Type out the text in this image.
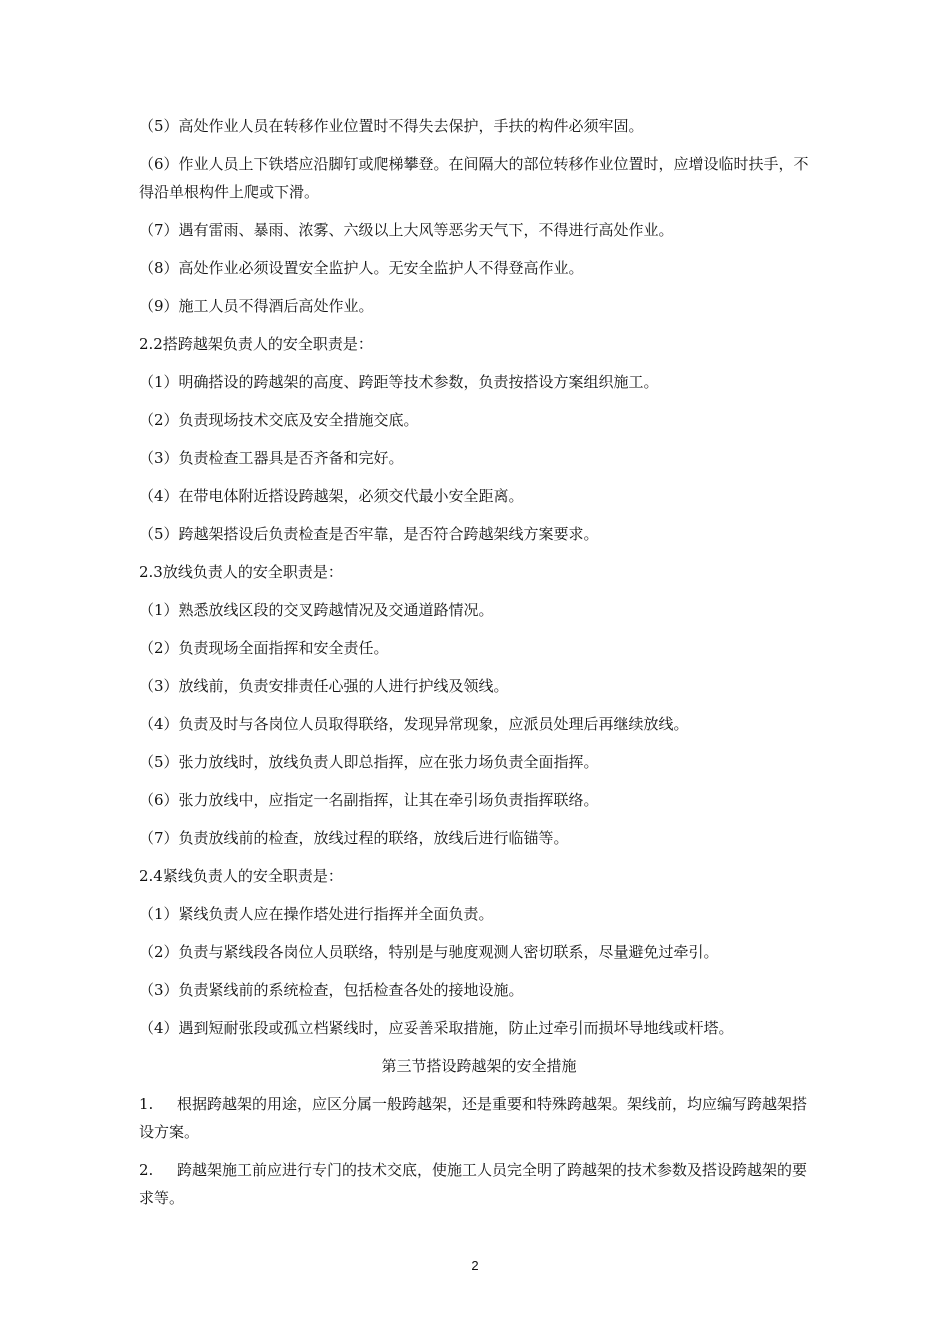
（5）高处作业人员在转移作业位置时不得失去保护，手扶的构件必须牢固。

（6）作业人员上下铁塔应沿脚钉或爬梯攀登。在间隔大的部位转移作业位置时，应增设临时扶手，不得沿单根构件上爬或下滑。

（7）遇有雷雨、暴雨、浓雾、六级以上大风等恶劣天气下，不得进行高处作业。

（8）高处作业必须设置安全监护人。无安全监护人不得登高作业。

（9）施工人员不得酒后高处作业。

2.2搭跨越架负责人的安全职责是：

（1）明确搭设的跨越架的高度、跨距等技术参数，负责按搭设方案组织施工。

（2）负责现场技术交底及安全措施交底。

（3）负责检查工器具是否齐备和完好。

（4）在带电体附近搭设跨越架，必须交代最小安全距离。

（5）跨越架搭设后负责检查是否牢靠，是否符合跨越架线方案要求。

2.3放线负责人的安全职责是：

（1）熟悉放线区段的交叉跨越情况及交通道路情况。

（2）负责现场全面指挥和安全责任。

（3）放线前，负责安排责任心强的人进行护线及领线。

（4）负责及时与各岗位人员取得联络，发现异常现象，应派员处理后再继续放线。

（5）张力放线时，放线负责人即总指挥，应在张力场负责全面指挥。

（6）张力放线中，应指定一名副指挥，让其在牵引场负责指挥联络。

（7）负责放线前的检查，放线过程的联络，放线后进行临锚等。

2.4紧线负责人的安全职责是：

（1）紧线负责人应在操作塔处进行指挥并全面负责。

（2）负责与紧线段各岗位人员联络，特别是与驰度观测人密切联系，尽量避免过牵引。

（3）负责紧线前的系统检查，包括检查各处的接地设施。

（4）遇到短耐张段或孤立档紧线时，应妥善采取措施，防止过牵引而损坏导地线或杆塔。

第三节搭设跨越架的安全措施

1. 根据跨越架的用途，应区分属一般跨越架，还是重要和特殊跨越架。架线前，均应编写跨越架搭设方案。

2. 跨越架施工前应进行专门的技术交底，使施工人员完全明了跨越架的技术参数及搭设跨越架的要求等。

2
